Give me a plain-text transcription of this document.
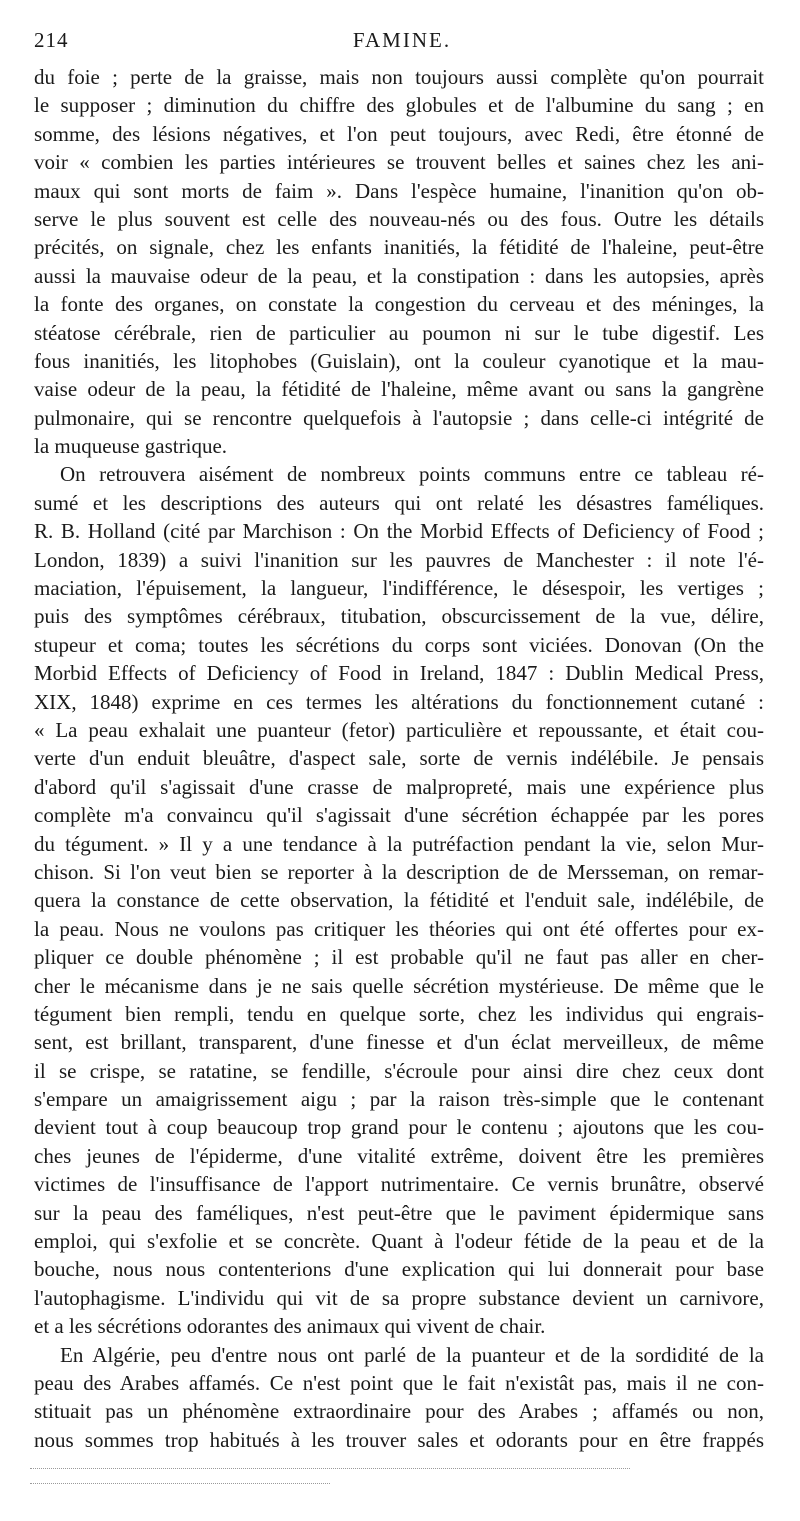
214	FAMINE.
du foie ; perte de la graisse, mais non toujours aussi complète qu'on pourrait
le supposer ; diminution du chiffre des globules et de l'albumine du sang ; en
somme, des lésions négatives, et l'on peut toujours, avec Redi, être étonné de
voir « combien les parties intérieures se trouvent belles et saines chez les ani-
maux qui sont morts de faim ». Dans l'espèce humaine, l'inanition qu'on ob-
serve le plus souvent est celle des nouveau-nés ou des fous. Outre les détails
précités, on signale, chez les enfants inanitiés, la fétidité de l'haleine, peut-être
aussi la mauvaise odeur de la peau, et la constipation : dans les autopsies, après
la fonte des organes, on constate la congestion du cerveau et des méninges, la
stéatose cérébrale, rien de particulier au poumon ni sur le tube digestif. Les
fous inanitiés, les litophobes (Guislain), ont la couleur cyanotique et la mau-
vaise odeur de la peau, la fétidité de l'haleine, même avant ou sans la gangrène
pulmonaire, qui se rencontre quelquefois à l'autopsie ; dans celle-ci intégrité de
la muqueuse gastrique.
On retrouvera aisément de nombreux points communs entre ce tableau ré-
sumé et les descriptions des auteurs qui ont relaté les désastres faméliques.
R. B. Holland (cité par Marchison : On the Morbid Effects of Deficiency of Food ;
London, 1839) a suivi l'inanition sur les pauvres de Manchester : il note l'é-
maciation, l'épuisement, la langueur, l'indifférence, le désespoir, les vertiges ;
puis des symptômes cérébraux, titubation, obscurcissement de la vue, délire,
stupeur et coma; toutes les sécrétions du corps sont viciées. Donovan (On the
Morbid Effects of Deficiency of Food in Ireland, 1847 : Dublin Medical Press,
XIX, 1848) exprime en ces termes les altérations du fonctionnement cutané :
« La peau exhalait une puanteur (fetor) particulière et repoussante, et était cou-
verte d'un enduit bleuâtre, d'aspect sale, sorte de vernis indélébile. Je pensais
d'abord qu'il s'agissait d'une crasse de malpropreté, mais une expérience plus
complète m'a convaincu qu'il s'agissait d'une sécrétion échappée par les pores
du tégument. » Il y a une tendance à la putréfaction pendant la vie, selon Mur-
chison. Si l'on veut bien se reporter à la description de de Mersseman, on remar-
quera la constance de cette observation, la fétidité et l'enduit sale, indélébile, de
la peau. Nous ne voulons pas critiquer les théories qui ont été offertes pour ex-
pliquer ce double phénomène ; il est probable qu'il ne faut pas aller en cher-
cher le mécanisme dans je ne sais quelle sécrétion mystérieuse. De même que le
tégument bien rempli, tendu en quelque sorte, chez les individus qui engrais-
sent, est brillant, transparent, d'une finesse et d'un éclat merveilleux, de même
il se crispe, se ratatine, se fendille, s'écroule pour ainsi dire chez ceux dont
s'empare un amaigrissement aigu ; par la raison très-simple que le contenant
devient tout à coup beaucoup trop grand pour le contenu ; ajoutons que les cou-
ches jeunes de l'épiderme, d'une vitalité extrême, doivent être les premières
victimes de l'insuffisance de l'apport nutrimentaire. Ce vernis brunâtre, observé
sur la peau des faméliques, n'est peut-être que le paviment épidermique sans
emploi, qui s'exfolie et se concrète. Quant à l'odeur fétide de la peau et de la
bouche, nous nous contenterions d'une explication qui lui donnerait pour base
l'autophagisme. L'individu qui vit de sa propre substance devient un carnivore,
et a les sécrétions odorantes des animaux qui vivent de chair.
En Algérie, peu d'entre nous ont parlé de la puanteur et de la sordidité de la
peau des Arabes affamés. Ce n'est point que le fait n'existât pas, mais il ne con-
stituait pas un phénomène extraordinaire pour des Arabes ; affamés ou non,
nous sommes trop habitués à les trouver sales et odorants pour en être frappés
